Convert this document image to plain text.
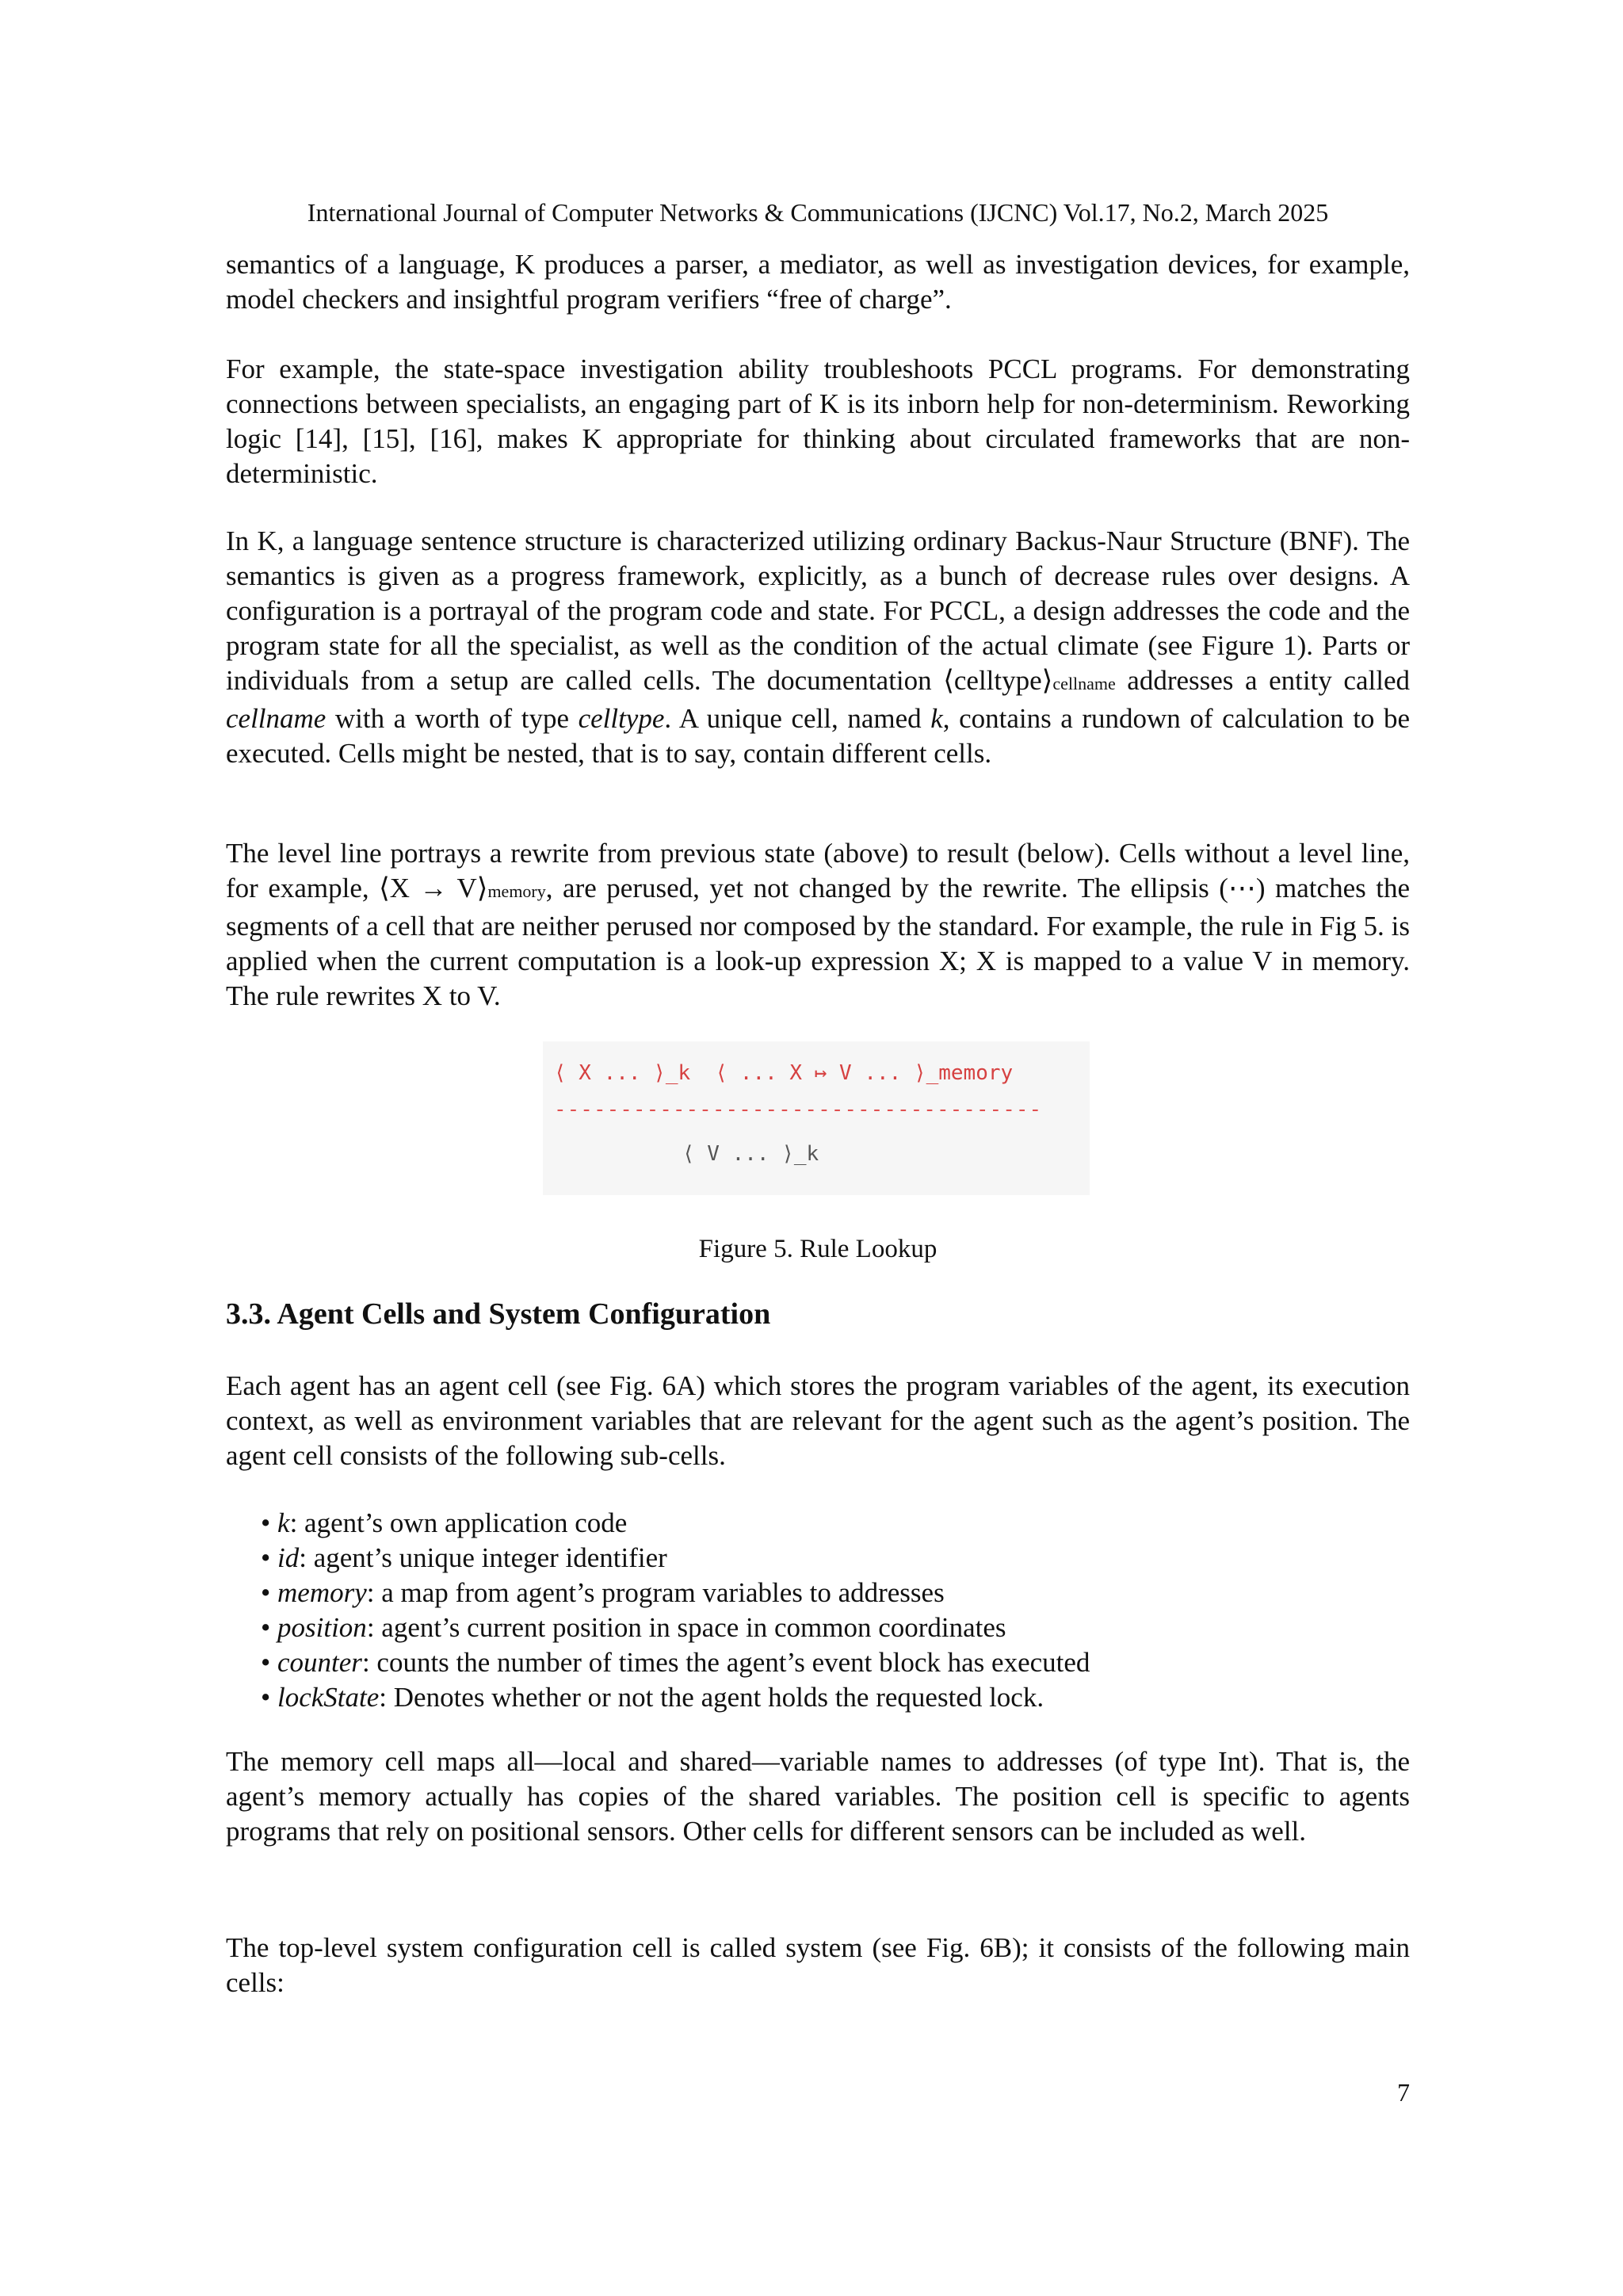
International Journal of Computer Networks & Communications (IJCNC) Vol.17, No.2, March 2025

semantics of a language, K produces a parser, a mediator, as well as investigation devices, for example, model checkers and insightful program verifiers “free of charge”.

For example, the state-space investigation ability troubleshoots PCCL programs. For demonstrating connections between specialists, an engaging part of K is its inborn help for non-determinism. Reworking logic [14], [15], [16], makes K appropriate for thinking about circulated frameworks that are non-deterministic.

In K, a language sentence structure is characterized utilizing ordinary Backus-Naur Structure (BNF). The semantics is given as a progress framework, explicitly, as a bunch of decrease rules over designs. A configuration is a portrayal of the program code and state. For PCCL, a design addresses the code and the program state for all the specialist, as well as the condition of the actual climate (see Figure 1). Parts or individuals from a setup are called cells. The documentation ⟨celltype⟩cellname addresses a entity called cellname with a worth of type celltype. A unique cell, named k, contains a rundown of calculation to be executed. Cells might be nested, that is to say, contain different cells.

The level line portrays a rewrite from previous state (above) to result (below). Cells without a level line, for example, ⟨X → V⟩memory, are perused, yet not changed by the rewrite. The ellipsis (⋯) matches the segments of a cell that are neither perused nor composed by the standard. For example, the rule in Fig 5. is applied when the current computation is a look-up expression X; X is mapped to a value V in memory. The rule rewrites X to V.

⟨ X ... ⟩_k  ⟨ ... X ↦ V ... ⟩_memory
-------------------------------------
⟨ V ... ⟩_k
Figure 5. Rule Lookup
3.3. Agent Cells and System Configuration

Each agent has an agent cell (see Fig. 6A) which stores the program variables of the agent, its execution context, as well as environment variables that are relevant for the agent such as the agent’s position. The agent cell consists of the following sub-cells.

• k: agent’s own application code
• id: agent’s unique integer identifier
• memory: a map from agent’s program variables to addresses
• position: agent’s current position in space in common coordinates
• counter: counts the number of times the agent’s event block has executed
• lockState: Denotes whether or not the agent holds the requested lock.

The memory cell maps all—local and shared—variable names to addresses (of type Int). That is, the agent’s memory actually has copies of the shared variables. The position cell is specific to agents programs that rely on positional sensors. Other cells for different sensors can be included as well.

The top-level system configuration cell is called system (see Fig. 6B); it consists of the following main cells:

7
